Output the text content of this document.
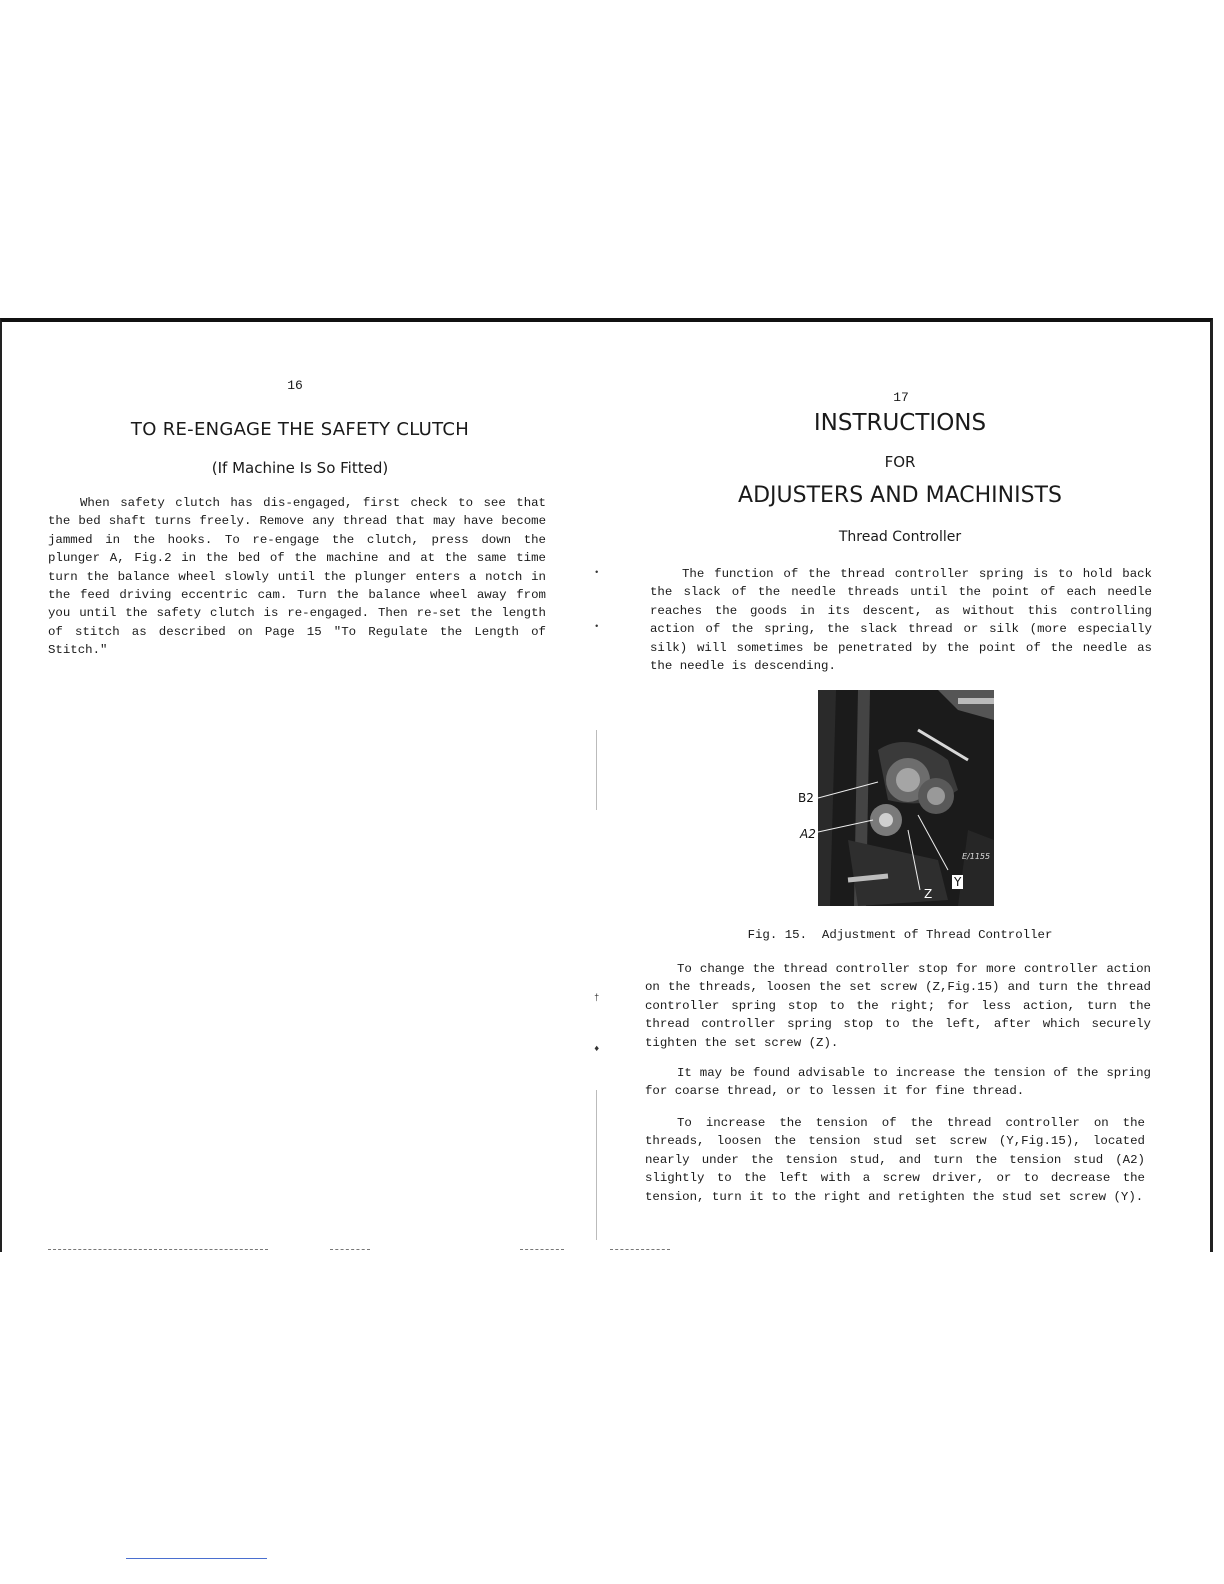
16
TO RE-ENGAGE THE SAFETY CLUTCH
(If Machine Is So Fitted)

When safety clutch has dis-engaged, first check to see that the bed shaft turns freely. Remove any thread that may have become jammed in the hooks. To re-engage the clutch, press down the plunger A, Fig.2 in the bed of the machine and at the same time turn the balance wheel slowly until the plunger enters a notch in the feed driving eccentric cam. Turn the balance wheel away from you until the safety clutch is re-engaged. Then re-set the length of stitch as described on Page 15 "To Regulate the Length of Stitch."

•
•
†
♦
17
INSTRUCTIONS
FOR
ADJUSTERS AND MACHINISTS
Thread Controller

The function of the thread controller spring is to hold back the slack of the needle threads until the point of each needle reaches the goods in its descent, as without this controlling action of the spring, the slack thread or silk (more especially silk) will sometimes be penetrated by the point of the needle as the needle is descending.

B2
A2
Y
Z
E/1155
Fig. 15.  Adjustment of Thread Controller

To change the thread controller stop for more controller action on the threads, loosen the set screw (Z,Fig.15) and turn the thread controller spring stop to the right; for less action, turn the thread controller spring stop to the left, after which securely tighten the set screw (Z).

It may be found advisable to increase the tension of the spring for coarse thread, or to lessen it for fine thread.

To increase the tension of the thread controller on the threads, loosen the tension stud set screw (Y,Fig.15), located nearly under the tension stud, and turn the tension stud (A2) slightly to the left with a screw driver, or to decrease the tension, turn it to the right and retighten the stud set screw (Y).
